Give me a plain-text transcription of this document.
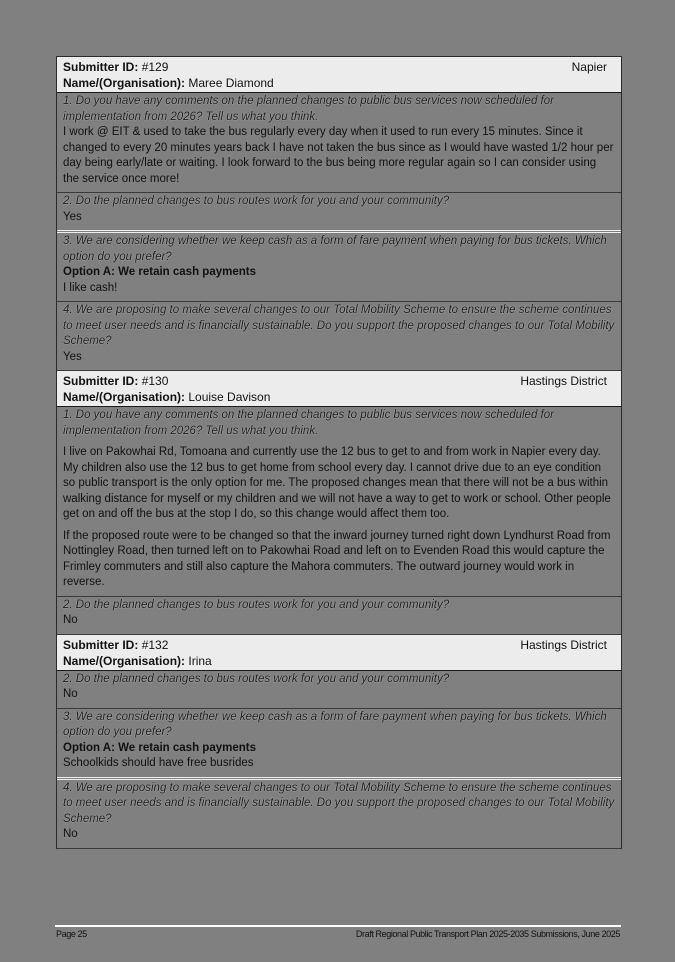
Submitter ID: #129
Name/(Organisation): Maree Diamond
Napier
1. Do you have any comments on the planned changes to public bus services now scheduled for implementation from 2026? Tell us what you think.
I work @ EIT & used to take the bus regularly every day when it used to run every 15 minutes. Since it changed to every 20 minutes years back I have not taken the bus since as I would have wasted 1/2 hour per day being early/late or waiting. I look forward to the bus being more regular again so I can consider using the service once more!
2. Do the planned changes to bus routes work for you and your community?
Yes
3. We are considering whether we keep cash as a form of fare payment when paying for bus tickets. Which option do you prefer?
Option A: We retain cash payments
I like cash!
4. We are proposing to make several changes to our Total Mobility Scheme to ensure the scheme continues to meet user needs and is financially sustainable. Do you support the proposed changes to our Total Mobility Scheme?
Yes
Submitter ID: #130
Name/(Organisation): Louise Davison
Hastings District
1. Do you have any comments on the planned changes to public bus services now scheduled for implementation from 2026? Tell us what you think.
I live on Pakowhai Rd, Tomoana and currently use the 12 bus to get to and from work in Napier every day. My children also use the 12 bus to get home from school every day. I cannot drive due to an eye condition so public transport is the only option for me. The proposed changes mean that there will not be a bus within walking distance for myself or my children and we will not have a way to get to work or school. Other people get on and off the bus at the stop I do, so this change would affect them too.
If the proposed route were to be changed so that the inward journey turned right down Lyndhurst Road from Nottingley Road, then turned left on to Pakowhai Road and left on to Evenden Road this would capture the Frimley commuters and still also capture the Mahora commuters. The outward journey would work in reverse.
2. Do the planned changes to bus routes work for you and your community?
No
Submitter ID: #132
Name/(Organisation): Irina
Hastings District
2. Do the planned changes to bus routes work for you and your community?
No
3. We are considering whether we keep cash as a form of fare payment when paying for bus tickets. Which option do you prefer?
Option A: We retain cash payments
Schoolkids should have free busrides
4. We are proposing to make several changes to our Total Mobility Scheme to ensure the scheme continues to meet user needs and is financially sustainable. Do you support the proposed changes to our Total Mobility Scheme?
No
Page 25	Draft Regional Public Transport Plan 2025-2035 Submissions, June 2025
